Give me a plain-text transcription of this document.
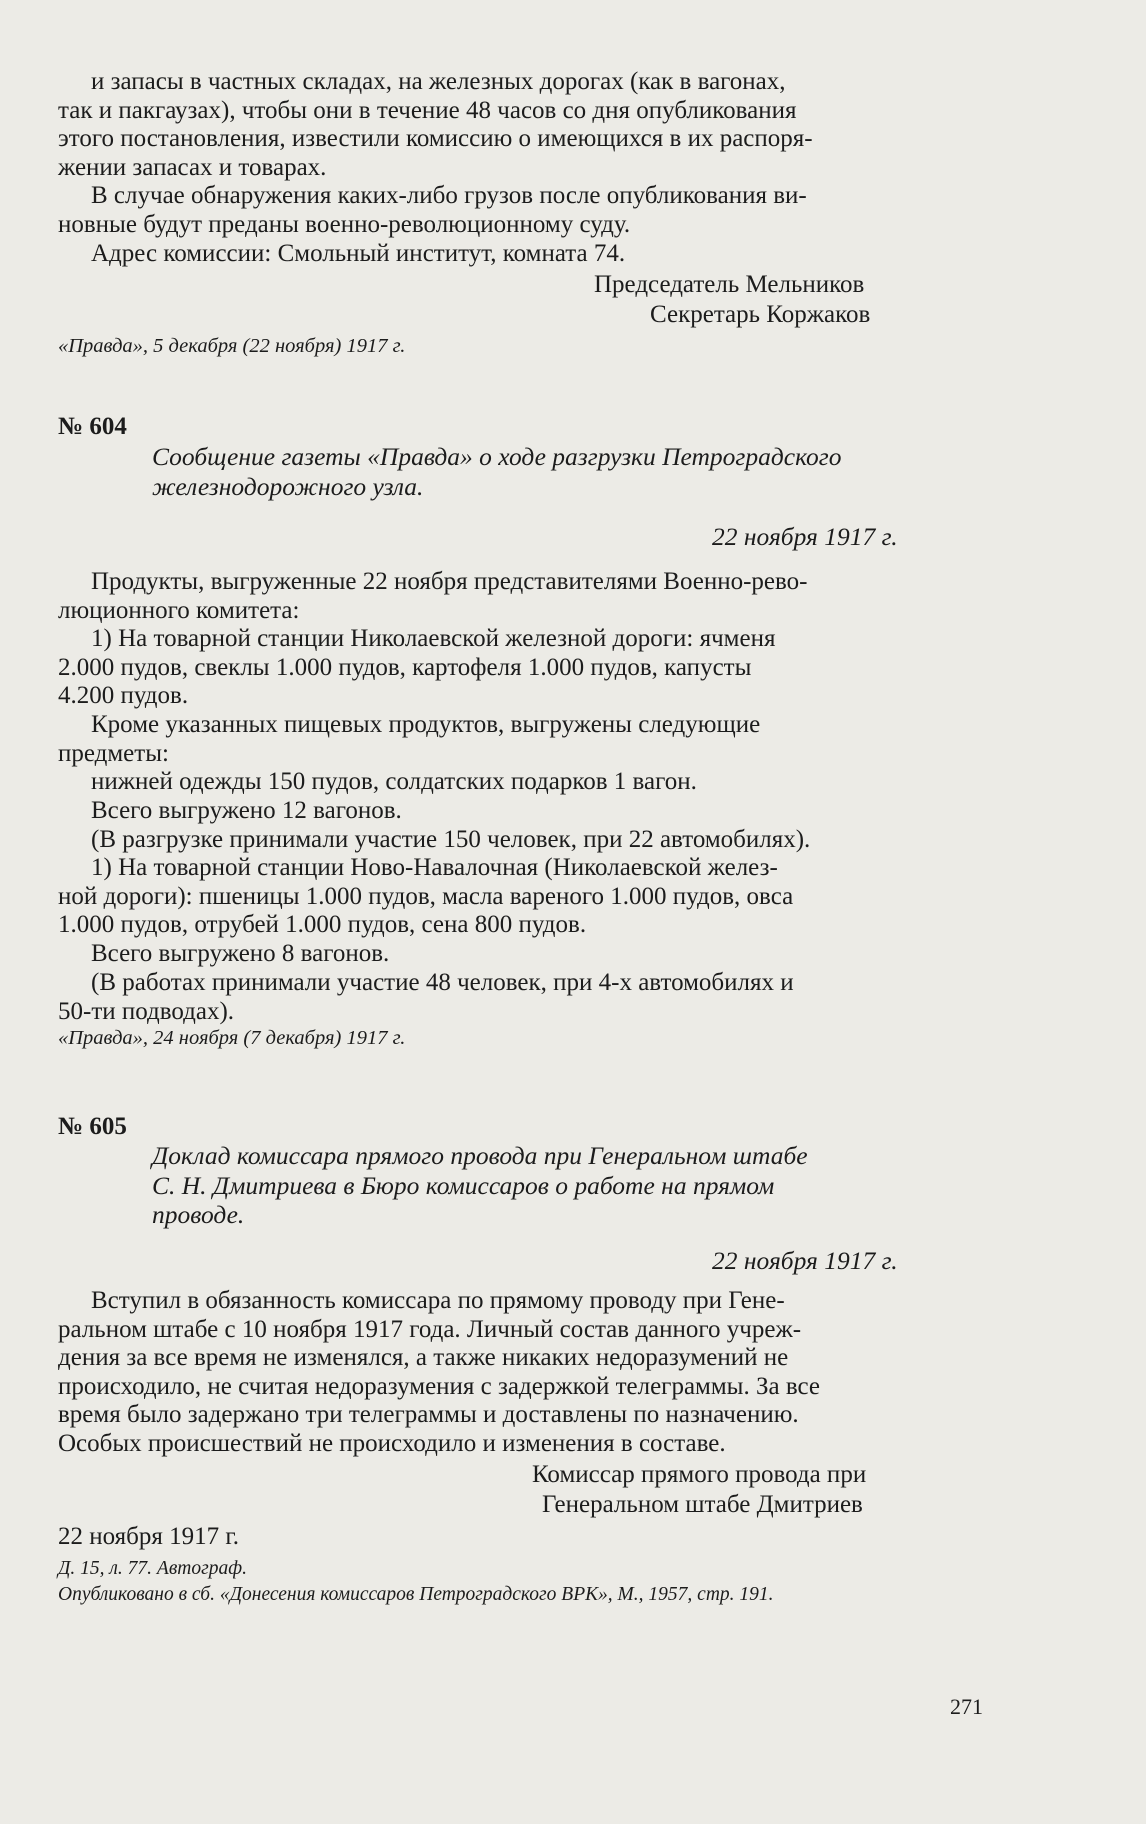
и запасы в частных складах, на железных дорогах (как в вагонах,
так и пакгаузах), чтобы они в течение 48 часов со дня опубликования
этого постановления, известили комиссию о имеющихся в их распоря-
жении запасах и товарах.

В случае обнаружения каких-либо грузов после опубликования ви-
новные будут преданы военно-революционному суду.

Адрес комиссии: Смольный институт, комната 74.

Председатель Мельников

Секретарь Коржаков

«Правда», 5 декабря (22 ноября) 1917 г.

№ 604

Сообщение газеты «Правда» о ходе разгрузки Петроградского
железнодорожного узла.

22 ноября 1917 г.

Продукты, выгруженные 22 ноября представителями Военно-рево-
люционного комитета:

1) На товарной станции Николаевской железной дороги: ячменя
2.000 пудов, свеклы 1.000 пудов, картофеля 1.000 пудов, капусты
4.200 пудов.

Кроме указанных пищевых продуктов, выгружены следующие
предметы:

нижней одежды 150 пудов, солдатских подарков 1 вагон.

Всего выгружено 12 вагонов.

(В разгрузке принимали участие 150 человек, при 22 автомобилях).

1) На товарной станции Ново-Навалочная (Николаевской желез-
ной дороги): пшеницы 1.000 пудов, масла вареного 1.000 пудов, овса
1.000 пудов, отрубей 1.000 пудов, сена 800 пудов.

Всего выгружено 8 вагонов.

(В работах принимали участие 48 человек, при 4-х автомобилях и
50-ти подводах).

«Правда», 24 ноября (7 декабря) 1917 г.

№ 605

Доклад комиссара прямого провода при Генеральном штабе
С. Н. Дмитриева в Бюро комиссаров о работе на прямом
проводе.

22 ноября 1917 г.

Вступил в обязанность комиссара по прямому проводу при Гене-
ральном штабе с 10 ноября 1917 года. Личный состав данного учреж-
дения за все время не изменялся, а также никаких недоразумений не
происходило, не считая недоразумения с задержкой телеграммы. За все
время было задержано три телеграммы и доставлены по назначению.
Особых происшествий не происходило и изменения в составе.

Комиссар прямого провода при

Генеральном штабе Дмитриев

22 ноября 1917 г.

Д. 15, л. 77. Автограф.

Опубликовано в сб. «Донесения комиссаров Петроградского ВРК», М., 1957, стр. 191.

271
